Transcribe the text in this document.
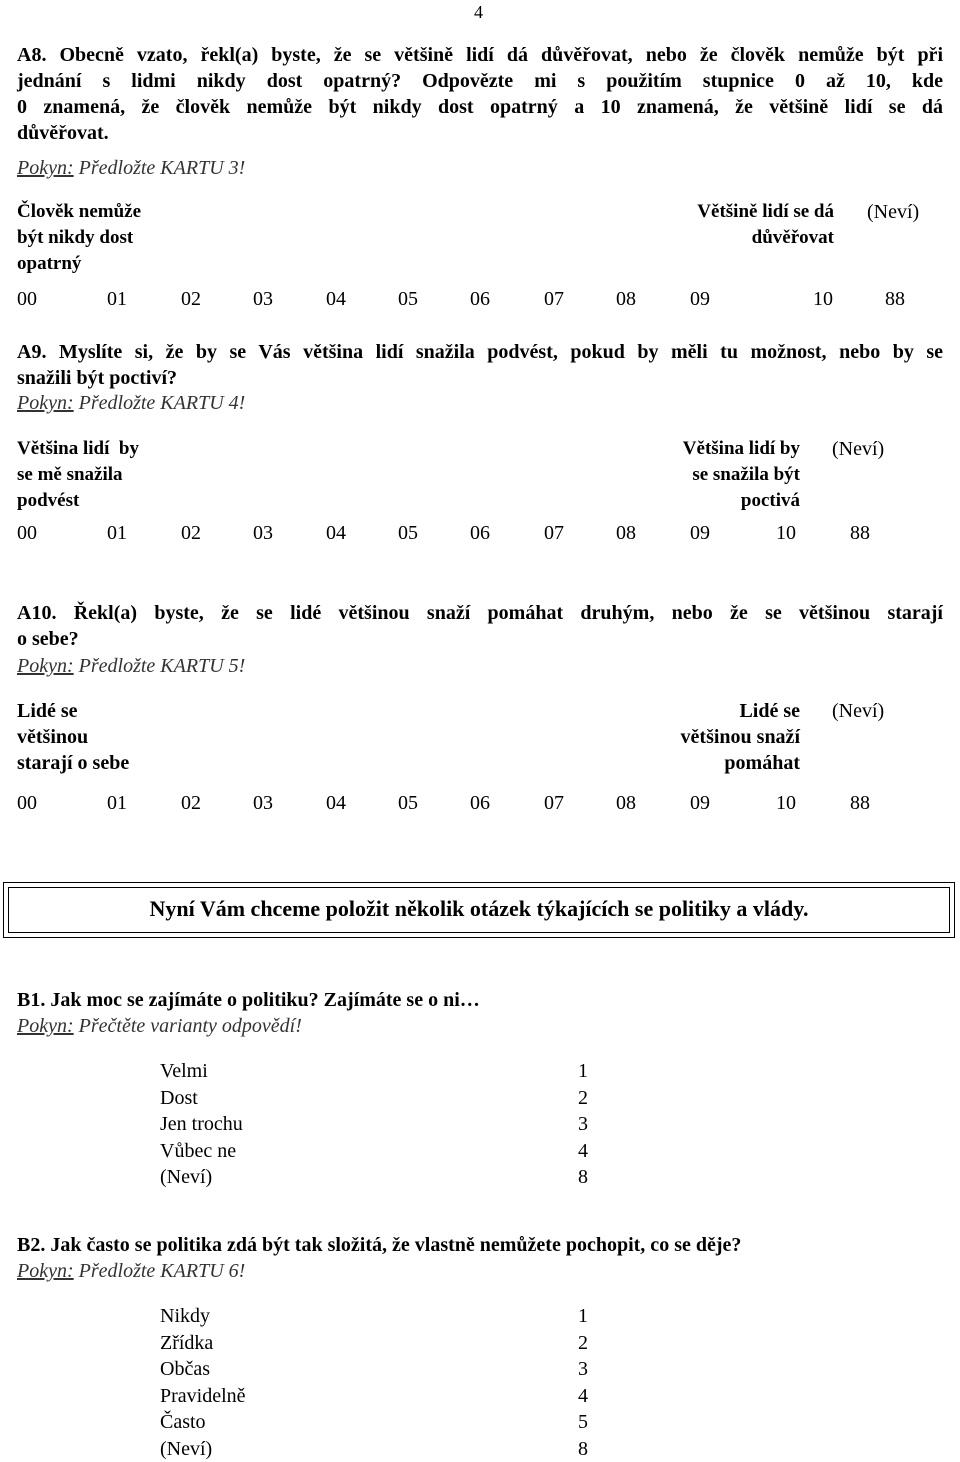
4
A8. Obecně vzato, řekl(a) byste, že se většině lidí dá důvěřovat, nebo že člověk nemůže být při
jednání s lidmi nikdy dost opatrný? Odpovězte mi s použitím stupnice 0 až 10, kde
0 znamená, že člověk nemůže být nikdy dost opatrný a 10 znamená, že většině lidí se dá
důvěřovat.
Pokyn: Předložte KARTU 3!
Člověk nemůže
být nikdy dost
opatrný
Většině lidí se dá
důvěřovat
(Neví)
00	01	02	03	04	05	06	07	08	09	10	88
A9. Myslíte si, že by se Vás většina lidí snažila podvést, pokud by měli tu možnost, nebo by se
snažili být poctiví?
Pokyn: Předložte KARTU 4!
Většina lidí  by
se mě snažila
podvést
Většina lidí by
se snažila být
poctivá
(Neví)
00	01	02	03	04	05	06	07	08	09	10	88
A10. Řekl(a) byste, že se lidé většinou snaží pomáhat druhým, nebo že se většinou starají
o sebe?
Pokyn: Předložte KARTU 5!
Lidé se
většinou
starají o sebe
Lidé se
většinou snaží
pomáhat
(Neví)
00	01	02	03	04	05	06	07	08	09	10	88
Nyní Vám chceme položit několik otázek týkajících se politiky a vlády.
B1. Jak moc se zajímáte o politiku? Zajímáte se o ni…
Pokyn: Přečtěte varianty odpovědí!
Velmi	1
Dost	2
Jen trochu	3
Vůbec ne	4
(Neví)	8
B2. Jak často se politika zdá být tak složitá, že vlastně nemůžete pochopit, co se děje?
Pokyn: Předložte KARTU 6!
Nikdy	1
Zřídka	2
Občas	3
Pravidelně	4
Často	5
(Neví)	8
